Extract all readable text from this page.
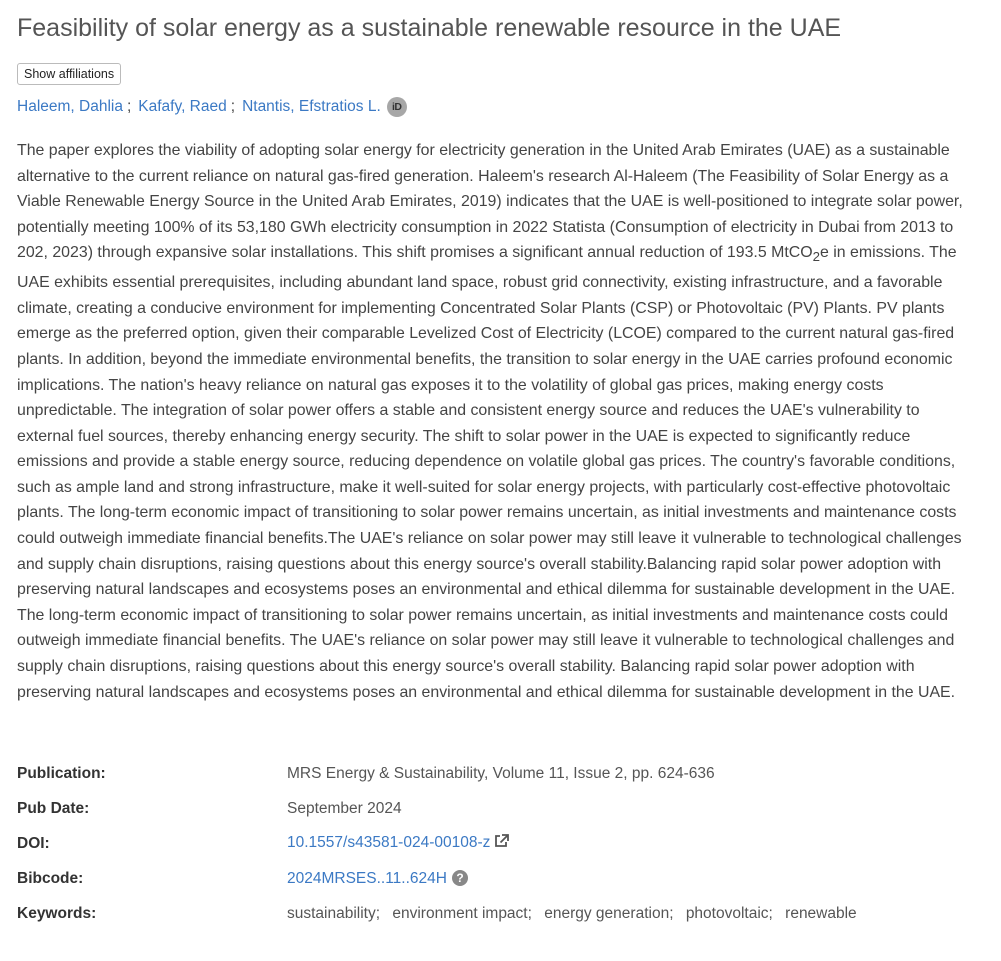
Feasibility of solar energy as a sustainable renewable resource in the UAE
Show affiliations
Haleem, Dahlia ; Kafafy, Raed ; Ntantis, Efstratios L.	iD

The paper explores the viability of adopting solar energy for electricity generation in the United Arab Emirates (UAE) as a sustainable alternative to the current reliance on natural gas-fired generation. Haleem's research Al-Haleem (The Feasibility of Solar Energy as a Viable Renewable Energy Source in the United Arab Emirates, 2019) indicates that the UAE is well-positioned to integrate solar power, potentially meeting 100% of its 53,180 GWh electricity consumption in 2022 Statista (Consumption of electricity in Dubai from 2013 to 202, 2023) through expansive solar installations. This shift promises a significant annual reduction of 193.5 MtCO$_2$e in emissions. The UAE exhibits essential prerequisites, including abundant land space, robust grid connectivity, existing infrastructure, and a favorable climate, creating a conducive environment for implementing Concentrated Solar Plants (CSP) or Photovoltaic (PV) Plants. PV plants emerge as the preferred option, given their comparable Levelized Cost of Electricity (LCOE) compared to the current natural gas-fired plants. In addition, beyond the immediate environmental benefits, the transition to solar energy in the UAE carries profound economic implications. The nation's heavy reliance on natural gas exposes it to the volatility of global gas prices, making energy costs unpredictable. The integration of solar power offers a stable and consistent energy source and reduces the UAE's vulnerability to external fuel sources, thereby enhancing energy security. The shift to solar power in the UAE is expected to significantly reduce emissions and provide a stable energy source, reducing dependence on volatile global gas prices. The country's favorable conditions, such as ample land and strong infrastructure, make it well-suited for solar energy projects, with particularly cost-effective photovoltaic plants. The long-term economic impact of transitioning to solar power remains uncertain, as initial investments and maintenance costs could outweigh immediate financial benefits.The UAE's reliance on solar power may still leave it vulnerable to technological challenges and supply chain disruptions, raising questions about this energy source's overall stability.Balancing rapid solar power adoption with preserving natural landscapes and ecosystems poses an environmental and ethical dilemma for sustainable development in the UAE. The long-term economic impact of transitioning to solar power remains uncertain, as initial investments and maintenance costs could outweigh immediate financial benefits. The UAE's reliance on solar power may still leave it vulnerable to technological challenges and supply chain disruptions, raising questions about this energy source's overall stability. Balancing rapid solar power adoption with preserving natural landscapes and ecosystems poses an environmental and ethical dilemma for sustainable development in the UAE.

Publication:	MRS Energy & Sustainability, Volume 11, Issue 2, pp. 624-636
Pub Date:	September 2024
DOI:	10.1557/s43581-024-00108-z
Bibcode:	2024MRSES..11..624H ?
Keywords:	sustainability; environment impact; energy generation; photovoltaic; renewable
